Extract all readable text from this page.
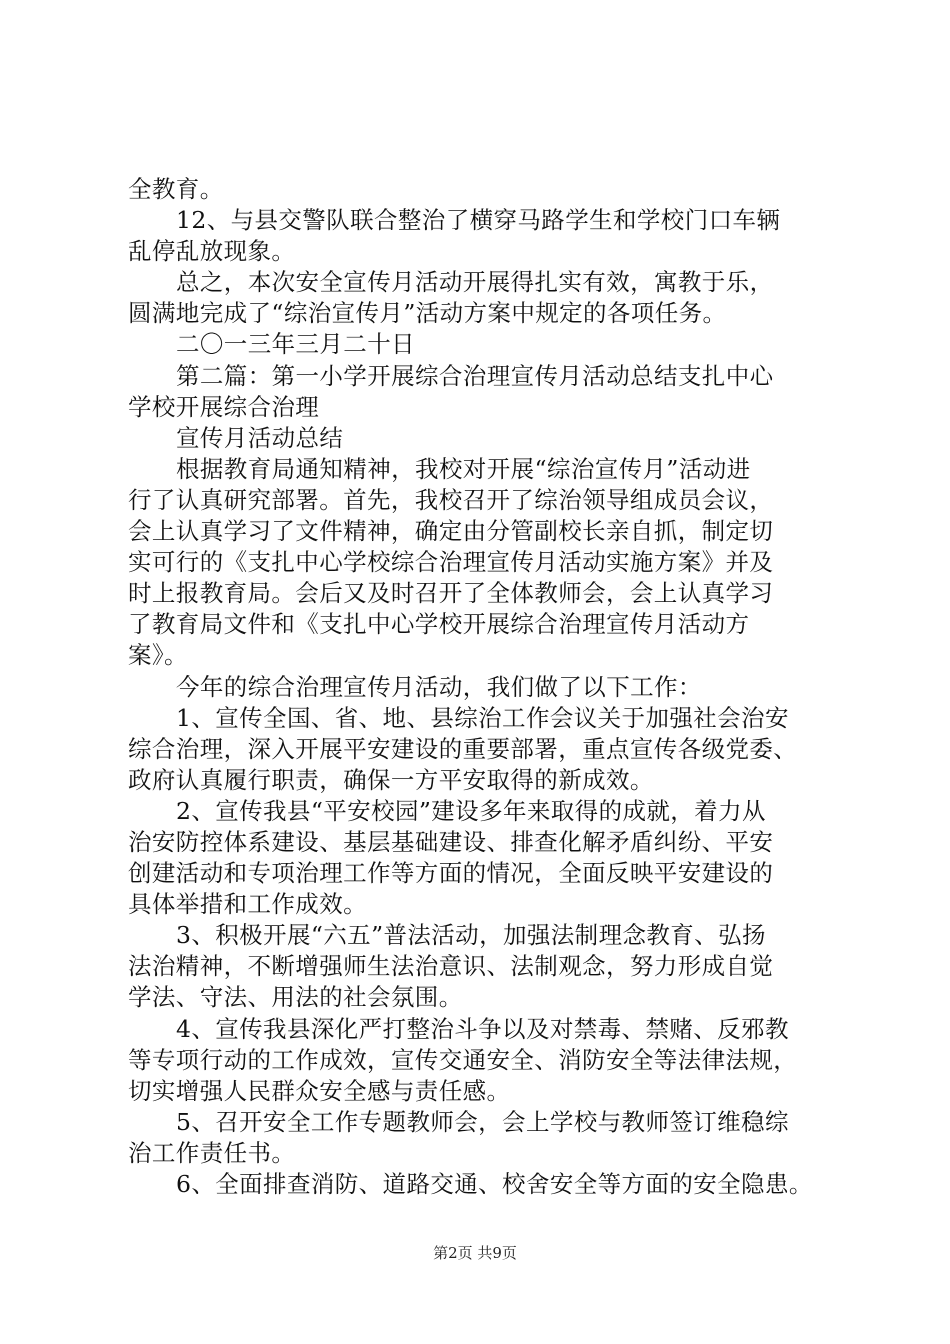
全教育。
12、与县交警队联合整治了横穿马路学生和学校门口车辆
乱停乱放现象。
总之，本次安全宣传月活动开展得扎实有效，寓教于乐，
圆满地完成了“综治宣传月”活动方案中规定的各项任务。
二〇一三年三月二十日
第二篇：第一小学开展综合治理宣传月活动总结支扎中心
学校开展综合治理
宣传月活动总结
根据教育局通知精神，我校对开展“综治宣传月”活动进
行了认真研究部署。首先，我校召开了综治领导组成员会议，
会上认真学习了文件精神，确定由分管副校长亲自抓，制定切
实可行的《支扎中心学校综合治理宣传月活动实施方案》并及
时上报教育局。会后又及时召开了全体教师会，会上认真学习
了教育局文件和《支扎中心学校开展综合治理宣传月活动方
案》。
今年的综合治理宣传月活动，我们做了以下工作：
1、宣传全国、省、地、县综治工作会议关于加强社会治安
综合治理，深入开展平安建设的重要部署，重点宣传各级党委、
政府认真履行职责，确保一方平安取得的新成效。
2、宣传我县“平安校园”建设多年来取得的成就，着力从
治安防控体系建设、基层基础建设、排查化解矛盾纠纷、平安
创建活动和专项治理工作等方面的情况，全面反映平安建设的
具体举措和工作成效。
3、积极开展“六五”普法活动，加强法制理念教育、弘扬
法治精神，不断增强师生法治意识、法制观念，努力形成自觉
学法、守法、用法的社会氛围。
4、宣传我县深化严打整治斗争以及对禁毒、禁赌、反邪教
等专项行动的工作成效，宣传交通安全、消防安全等法律法规，
切实增强人民群众安全感与责任感。
5、召开安全工作专题教师会，会上学校与教师签订维稳综
治工作责任书。
6、全面排查消防、道路交通、校舍安全等方面的安全隐患。
第2页 共9页
